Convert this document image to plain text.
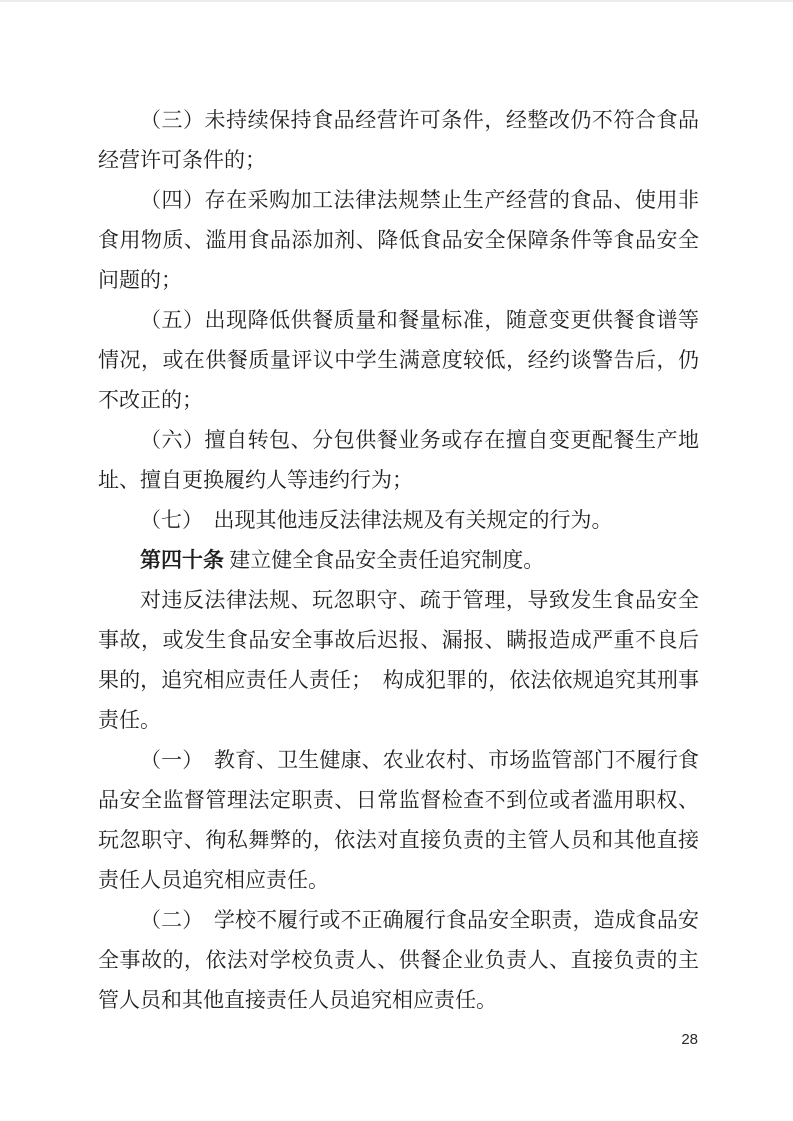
（三）未持续保持食品经营许可条件，经整改仍不符合食品经营许可条件的；

（四）存在采购加工法律法规禁止生产经营的食品、使用非食用物质、滥用食品添加剂、降低食品安全保障条件等食品安全问题的；

（五）出现降低供餐质量和餐量标准，随意变更供餐食谱等情况，或在供餐质量评议中学生满意度较低，经约谈警告后，仍不改正的；

（六）擅自转包、分包供餐业务或存在擅自变更配餐生产地址、擅自更换履约人等违约行为；

（七）　出现其他违反法律法规及有关规定的行为。

第四十条 建立健全食品安全责任追究制度。

对违反法律法规、玩忽职守、疏于管理，导致发生食品安全事故，或发生食品安全事故后迟报、漏报、瞒报造成严重不良后果的，追究相应责任人责任；　构成犯罪的，依法依规追究其刑事责任。

（一）　教育、卫生健康、农业农村、市场监管部门不履行食品安全监督管理法定职责、日常监督检查不到位或者滥用职权、玩忽职守、徇私舞弊的，依法对直接负责的主管人员和其他直接责任人员追究相应责任。

（二）　学校不履行或不正确履行食品安全职责，造成食品安全事故的，依法对学校负责人、供餐企业负责人、直接负责的主管人员和其他直接责任人员追究相应责任。

28
